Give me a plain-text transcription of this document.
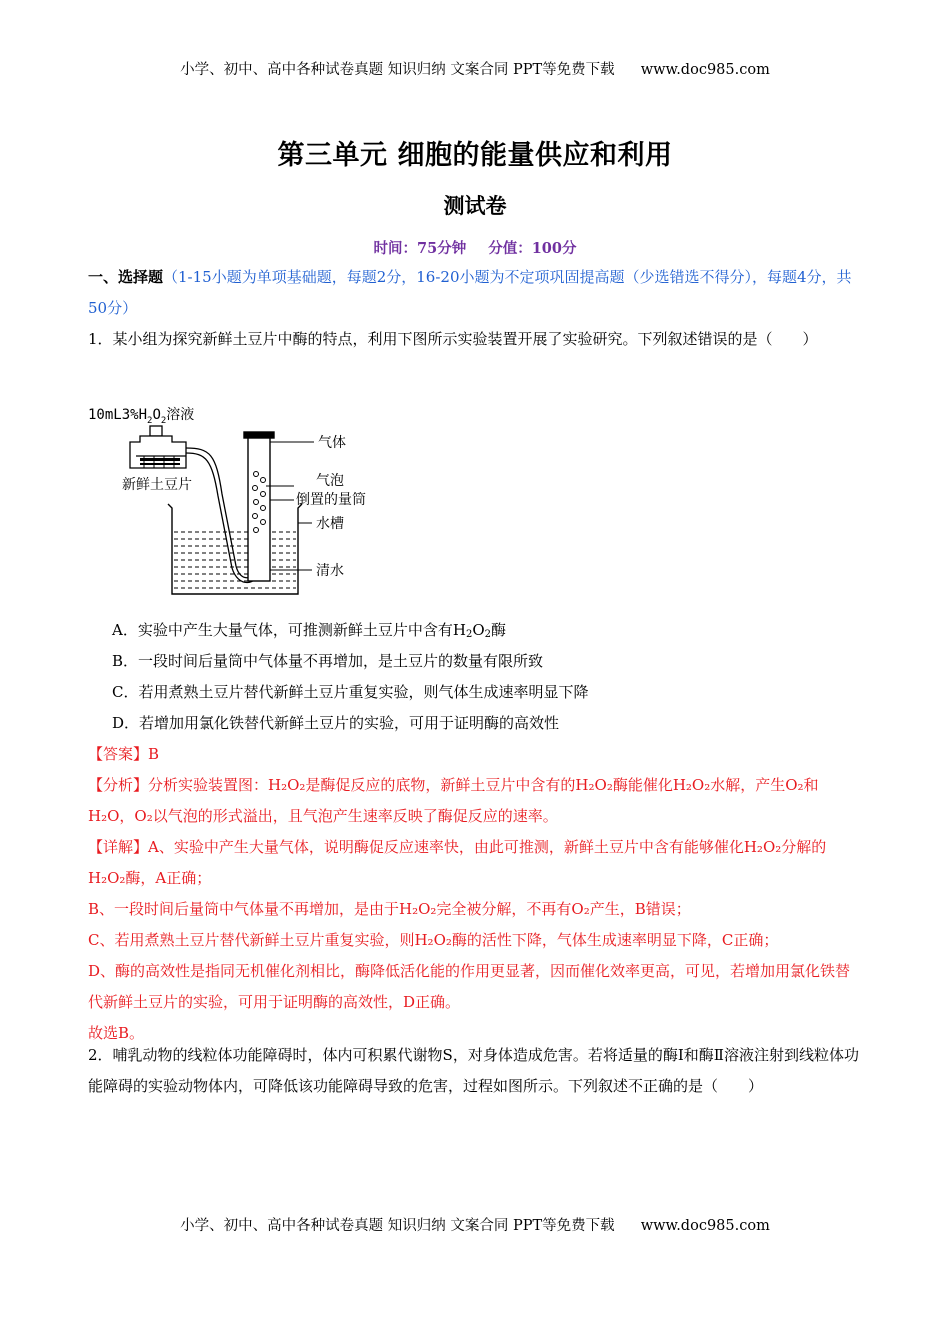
小学、初中、高中各种试卷真题 知识归纳 文案合同 PPT等免费下载 www.doc985.com
第三单元 细胞的能量供应和利用
测试卷
时间：75分钟 分值：100分
一、选择题（1-15小题为单项基础题，每题2分，16-20小题为不定项巩固提高题（少选错选不得分），每题4分，共50分）
1．某小组为探究新鲜土豆片中酶的特点，利用下图所示实验装置开展了实验研究。下列叙述错误的是（　　）
$10mL3\%H_2O_2$溶液
新鲜土豆片
气体
气泡
倒置的量筒
水槽
清水
A．实验中产生大量气体，可推测新鲜土豆片中含有$H_2O_2$酶
B．一段时间后量筒中气体量不再增加，是土豆片的数量有限所致
C．若用煮熟土豆片替代新鲜土豆片重复实验，则气体生成速率明显下降
D．若增加用氯化铁替代新鲜土豆片的实验，可用于证明酶的高效性
【答案】B
【分析】分析实验装置图：H₂O₂是酶促反应的底物，新鲜土豆片中含有的H₂O₂酶能催化H₂O₂水解，产生O₂和H₂O，O₂以气泡的形式溢出，且气泡产生速率反映了酶促反应的速率。
【详解】A、实验中产生大量气体，说明酶促反应速率快，由此可推测，新鲜土豆片中含有能够催化H₂O₂分解的H₂O₂酶，A正确；
B、一段时间后量筒中气体量不再增加，是由于H₂O₂完全被分解，不再有O₂产生，B错误；
C、若用煮熟土豆片替代新鲜土豆片重复实验，则H₂O₂酶的活性下降，气体生成速率明显下降，C正确；
D、酶的高效性是指同无机催化剂相比，酶降低活化能的作用更显著，因而催化效率更高，可见，若增加用氯化铁替代新鲜土豆片的实验，可用于证明酶的高效性，D正确。
故选B。
2．哺乳动物的线粒体功能障碍时，体内可积累代谢物S，对身体造成危害。若将适量的酶Ⅰ和酶Ⅱ溶液注射到线粒体功能障碍的实验动物体内，可降低该功能障碍导致的危害，过程如图所示。下列叙述不正确的是（　　）
小学、初中、高中各种试卷真题 知识归纳 文案合同 PPT等免费下载 www.doc985.com
